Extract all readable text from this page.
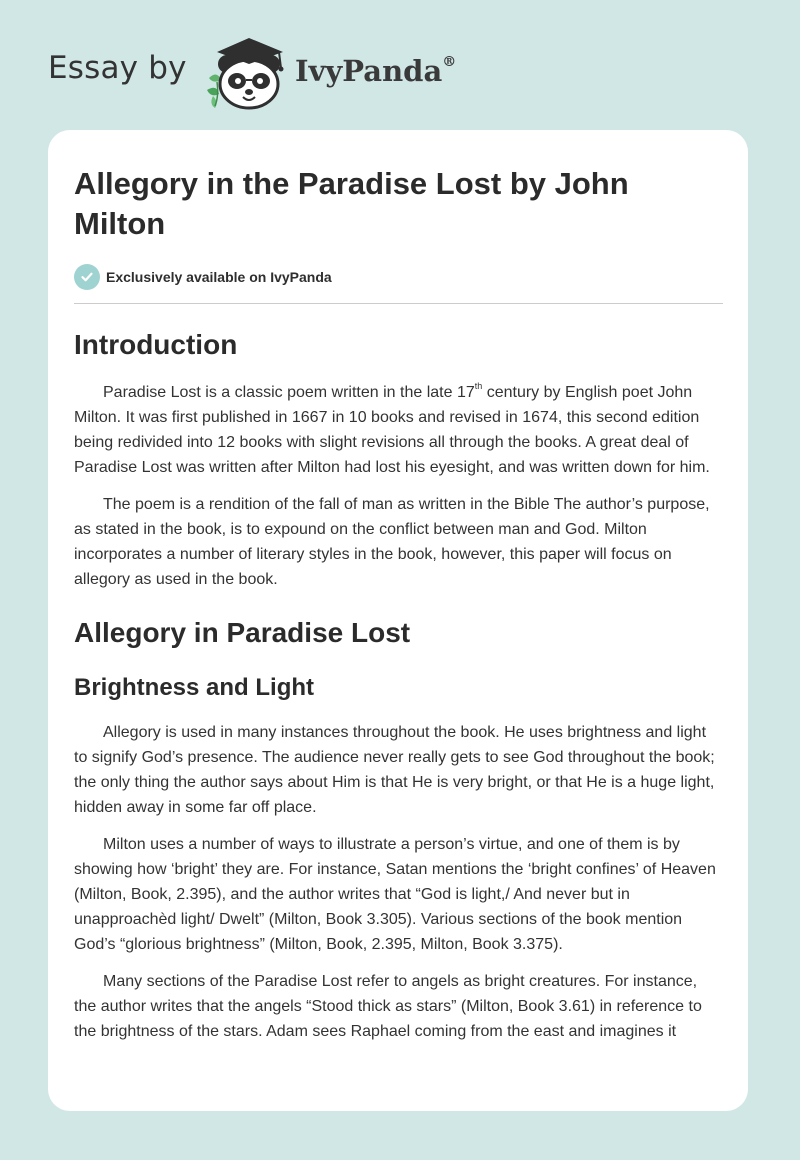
Essay by	IvyPanda®
Allegory in the Paradise Lost by John Milton
Exclusively available on IvyPanda
Introduction

Paradise Lost is a classic poem written in the late 17th century by English poet John Milton. It was first published in 1667 in 10 books and revised in 1674, this second edition being redivided into 12 books with slight revisions all through the books. A great deal of Paradise Lost was written after Milton had lost his eyesight, and was written down for him.

The poem is a rendition of the fall of man as written in the Bible The author’s purpose, as stated in the book, is to expound on the conflict between man and God. Milton incorporates a number of literary styles in the book, however, this paper will focus on allegory as used in the book.

Allegory in Paradise Lost
Brightness and Light

Allegory is used in many instances throughout the book. He uses brightness and light to signify God’s presence. The audience never really gets to see God throughout the book; the only thing the author says about Him is that He is very bright, or that He is a huge light, hidden away in some far off place.

Milton uses a number of ways to illustrate a person’s virtue, and one of them is by showing how ‘bright’ they are. For instance, Satan mentions the ‘bright confines’ of Heaven (Milton, Book, 2.395), and the author writes that “God is light,/ And never but in unapproachèd light/ Dwelt” (Milton, Book 3.305). Various sections of the book mention God’s “glorious brightness” (Milton, Book, 2.395, Milton, Book 3.375).

Many sections of the Paradise Lost refer to angels as bright creatures. For instance, the author writes that the angels “Stood thick as stars” (Milton, Book 3.61) in reference to the brightness of the stars. Adam sees Raphael coming from the east and imagines it
